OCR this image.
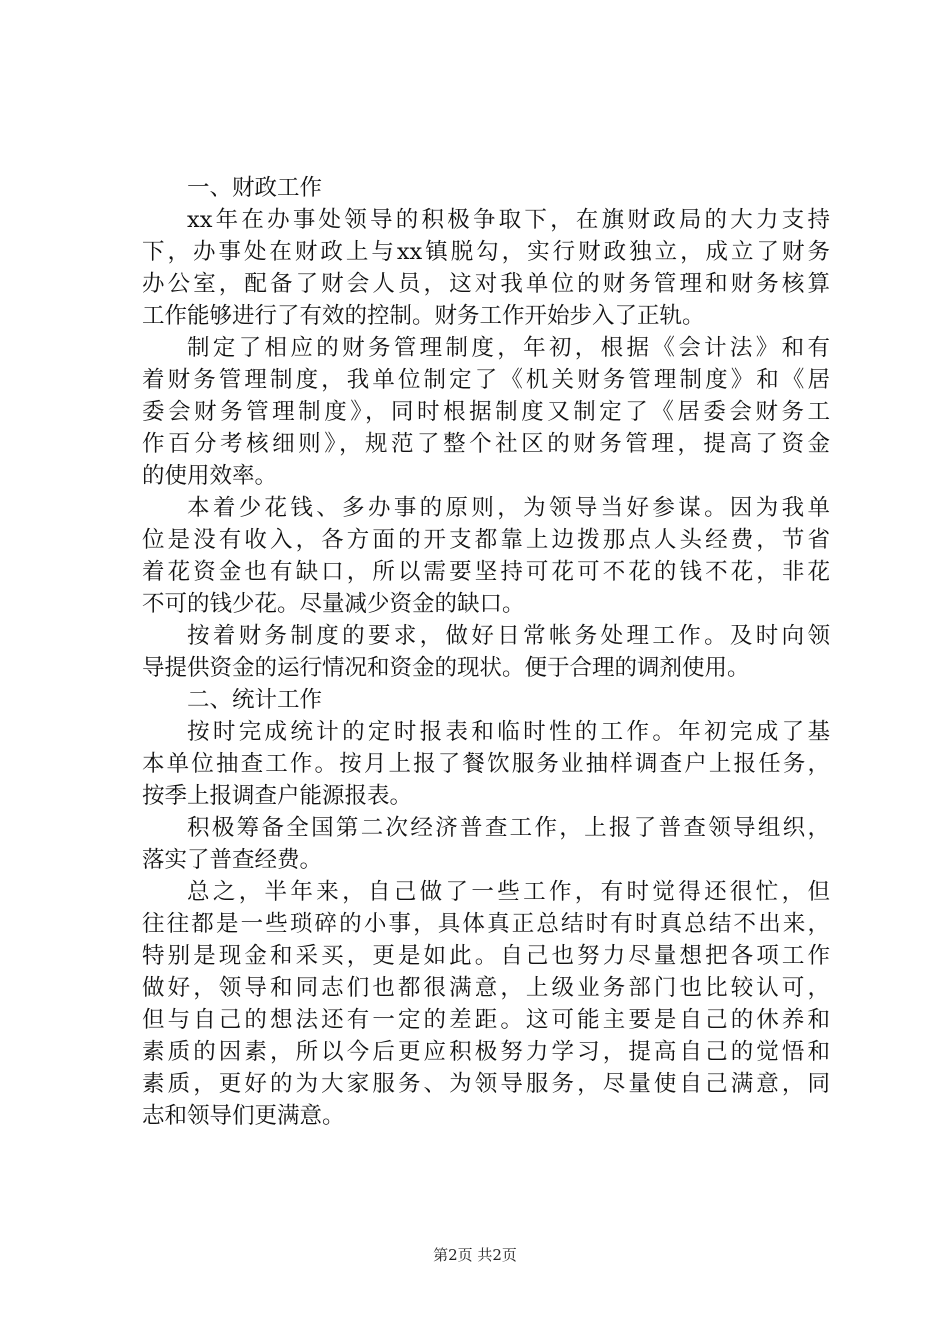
一、财政工作
xx年在办事处领导的积极争取下，在旗财政局的大力支持
下，办事处在财政上与xx镇脱勾，实行财政独立，成立了财务
办公室，配备了财会人员，这对我单位的财务管理和财务核算
工作能够进行了有效的控制。财务工作开始步入了正轨。
制定了相应的财务管理制度，年初，根据《会计法》和有
着财务管理制度，我单位制定了《机关财务管理制度》和《居
委会财务管理制度》，同时根据制度又制定了《居委会财务工
作百分考核细则》，规范了整个社区的财务管理，提高了资金
的使用效率。
本着少花钱、多办事的原则，为领导当好参谋。因为我单
位是没有收入，各方面的开支都靠上边拨那点人头经费，节省
着花资金也有缺口，所以需要坚持可花可不花的钱不花，非花
不可的钱少花。尽量减少资金的缺口。
按着财务制度的要求，做好日常帐务处理工作。及时向领
导提供资金的运行情况和资金的现状。便于合理的调剂使用。
二、统计工作
按时完成统计的定时报表和临时性的工作。年初完成了基
本单位抽查工作。按月上报了餐饮服务业抽样调查户上报任务，
按季上报调查户能源报表。
积极筹备全国第二次经济普查工作，上报了普查领导组织，
落实了普查经费。
总之，半年来，自己做了一些工作，有时觉得还很忙，但
往往都是一些琐碎的小事，具体真正总结时有时真总结不出来，
特别是现金和采买，更是如此。自己也努力尽量想把各项工作
做好，领导和同志们也都很满意，上级业务部门也比较认可，
但与自己的想法还有一定的差距。这可能主要是自己的休养和
素质的因素，所以今后更应积极努力学习，提高自己的觉悟和
素质，更好的为大家服务、为领导服务，尽量使自己满意，同
志和领导们更满意。
第2页 共2页
